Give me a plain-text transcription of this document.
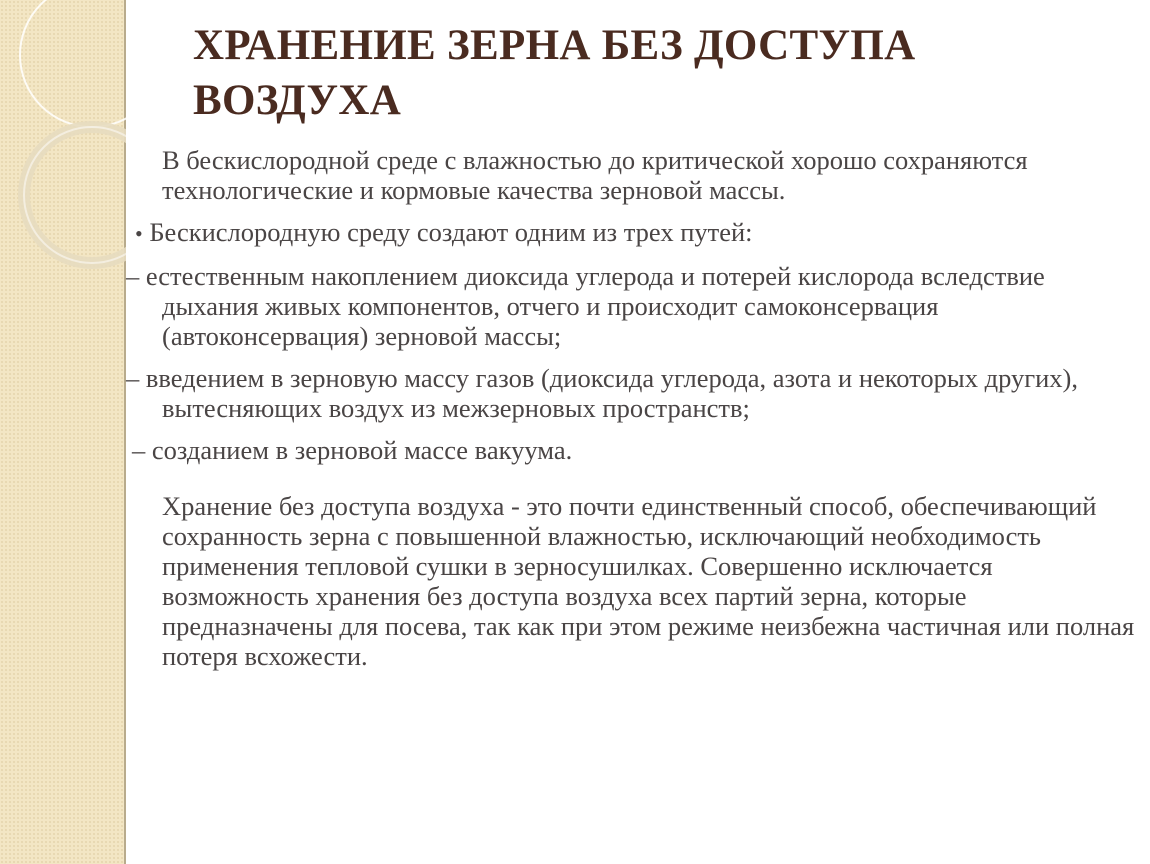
ХРАНЕНИЕ ЗЕРНА БЕЗ ДОСТУПА
ВОЗДУХА

В бескислородной среде с влажностью до критической хорошо сохраняются технологические и кормовые качества зерновой массы.

• Бескислородную среду создают одним из трех путей:

– естественным накоплением диоксида углерода и потерей кислорода вследствие дыхания живых компонентов, отчего и происходит самоконсервация (автоконсервация) зерновой массы;

– введением в зерновую массу газов (диоксида углерода, азота и некоторых других), вытесняющих воздух из межзерновых пространств;

– созданием в зерновой массе вакуума.

Хранение без доступа воздуха - это почти единственный способ, обеспечивающий сохранность зерна с повышенной влажностью, исключающий необходимость применения тепловой сушки в зерносушилках. Совершенно исключается возможность хранения без доступа воздуха всех партий зерна, которые предназначены для посева, так как при этом режиме неизбежна частичная или полная потеря всхожести.
